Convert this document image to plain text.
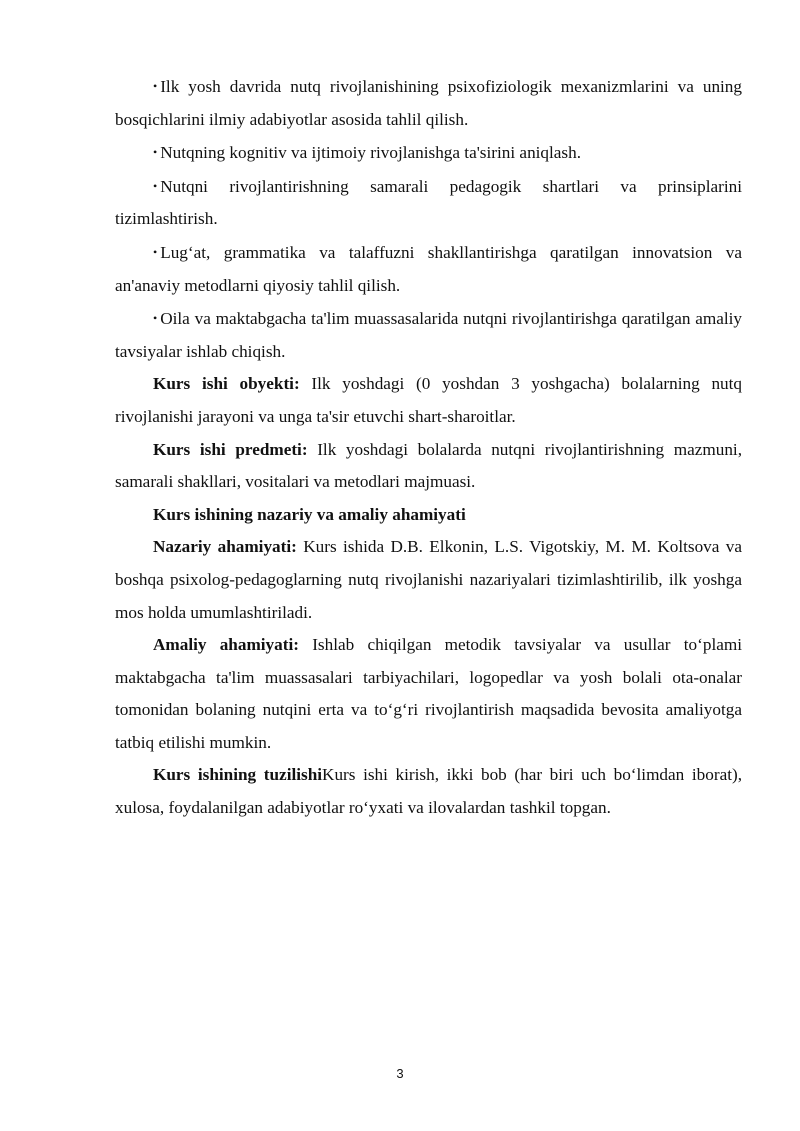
• Ilk yosh davrida nutq rivojlanishining psixofiziologik mexanizmlarini va uning bosqichlarini ilmiy adabiyotlar asosida tahlil qilish.

• Nutqning kognitiv va ijtimoiy rivojlanishga ta'sirini aniqlash.

• Nutqni rivojlantirishning samarali pedagogik shartlari va prinsiplarini tizimlashtirish.

• Lug‘at, grammatika va talaffuzni shakllantirishga qaratilgan innovatsion va an'anaviy metodlarni qiyosiy tahlil qilish.

• Oila va maktabgacha ta'lim muassasalarida nutqni rivojlantirishga qaratilgan amaliy tavsiyalar ishlab chiqish.

Kurs ishi obyekti: Ilk yoshdagi (0 yoshdan 3 yoshgacha) bolalarning nutq rivojlanishi jarayoni va unga ta'sir etuvchi shart-sharoitlar.

Kurs ishi predmeti: Ilk yoshdagi bolalarda nutqni rivojlantirishning mazmuni, samarali shakllari, vositalari va metodlari majmuasi.

Kurs ishining nazariy va amaliy ahamiyati

Nazariy ahamiyati: Kurs ishida D.B. Elkonin, L.S. Vigotskiy, M. M. Koltsova va boshqa psixolog-pedagoglarning nutq rivojlanishi nazariyalari tizimlashtirilib, ilk yoshga mos holda umumlashtiriladi.

Amaliy ahamiyati: Ishlab chiqilgan metodik tavsiyalar va usullar to‘plami maktabgacha ta'lim muassasalari tarbiyachilari, logopedlar va yosh bolali ota-onalar tomonidan bolaning nutqini erta va to‘g‘ri rivojlantirish maqsadida bevosita amaliyotga tatbiq etilishi mumkin.

Kurs ishining tuzilishiKurs ishi kirish, ikki bob (har biri uch bo‘limdan iborat), xulosa, foydalanilgan adabiyotlar ro‘yxati va ilovalardan tashkil topgan.

3
